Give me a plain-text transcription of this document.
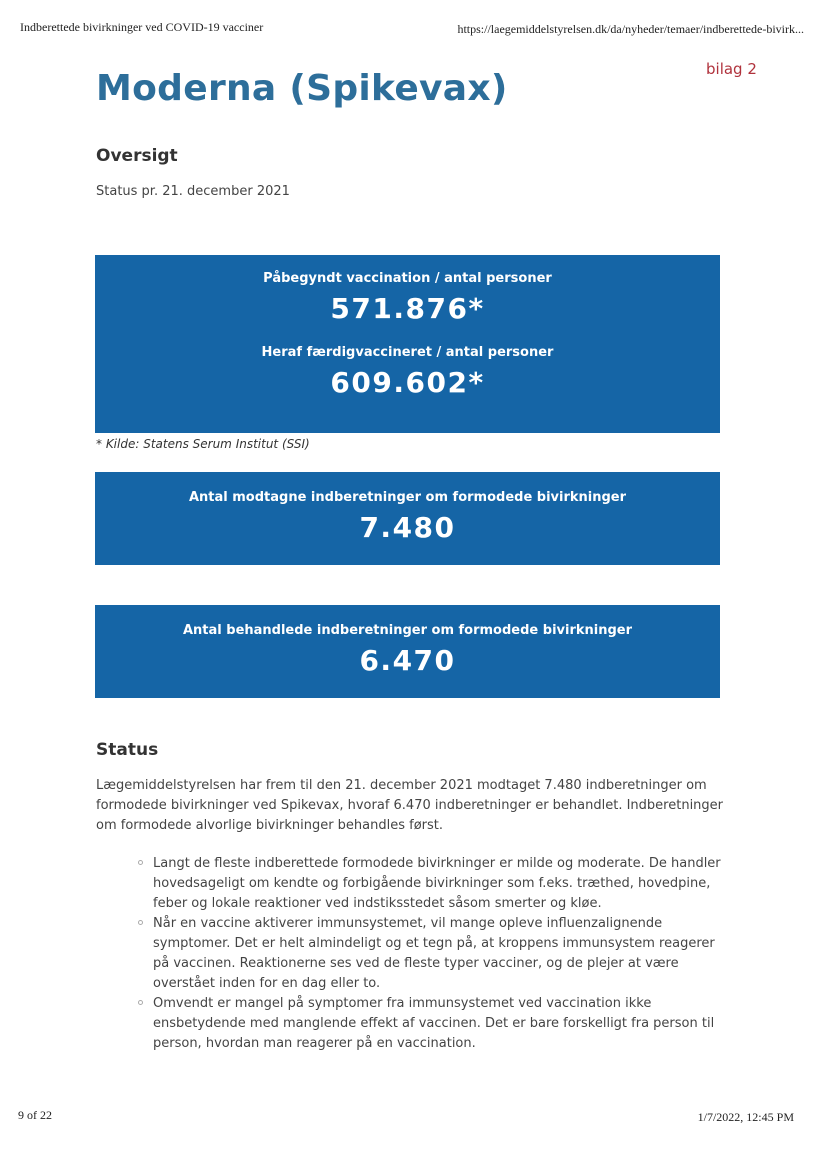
Indberettede bivirkninger ved COVID-19 vacciner	https://laegemiddelstyrelsen.dk/da/nyheder/temaer/indberettede-bivirk...
bilag 2
Moderna (Spikevax)
Oversigt
Status pr. 21. december 2021
Påbegyndt vaccination / antal personer
571.876*
Heraf færdigvaccineret / antal personer
609.602*
* Kilde: Statens Serum Institut (SSI)
Antal modtagne indberetninger om formodede bivirkninger
7.480
Antal behandlede indberetninger om formodede bivirkninger
6.470
Status

Lægemiddelstyrelsen har frem til den 21. december 2021 modtaget 7.480 indberetninger om formodede bivirkninger ved Spikevax, hvoraf 6.470 indberetninger er behandlet. Indberetninger om formodede alvorlige bivirkninger behandles først.

Langt de fleste indberettede formodede bivirkninger er milde og moderate. De handler hovedsageligt om kendte og forbigående bivirkninger som f.eks. træthed, hovedpine, feber og lokale reaktioner ved indstiksstedet såsom smerter og kløe.
Når en vaccine aktiverer immunsystemet, vil mange opleve influenzalignende symptomer. Det er helt almindeligt og et tegn på, at kroppens immunsystem reagerer på vaccinen. Reaktionerne ses ved de fleste typer vacciner, og de plejer at være overstået inden for en dag eller to.
Omvendt er mangel på symptomer fra immunsystemet ved vaccination ikke ensbetydende med manglende effekt af vaccinen. Det er bare forskelligt fra person til person, hvordan man reagerer på en vaccination.
9 of 22	1/7/2022, 12:45 PM
